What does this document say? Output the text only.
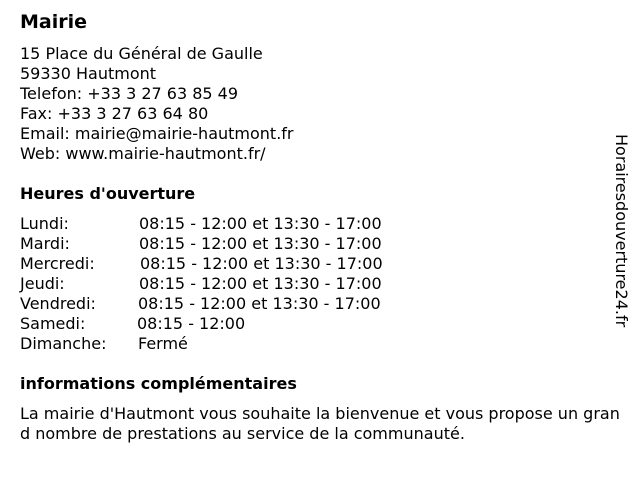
Mairie
15 Place du Général de Gaulle
59330 Hautmont
Telefon: +33 3 27 63 85 49
Fax: +33 3 27 63 64 80
Email: mairie@mairie-hautmont.fr
Web: www.mairie-hautmont.fr/
Heures d'ouverture
Lundi:	08:15 - 12:00 et 13:30 - 17:00
Mardi:	08:15 - 12:00 et 13:30 - 17:00
Mercredi:	08:15 - 12:00 et 13:30 - 17:00
Jeudi:	08:15 - 12:00 et 13:30 - 17:00
Vendredi:	08:15 - 12:00 et 13:30 - 17:00
Samedi:	08:15 - 12:00
Dimanche: Fermé
informations complémentaires
La mairie d'Hautmont vous souhaite la bienvenue et vous propose un grand nombre de prestations au service de la communauté.
Horairesdouverture24.fr
